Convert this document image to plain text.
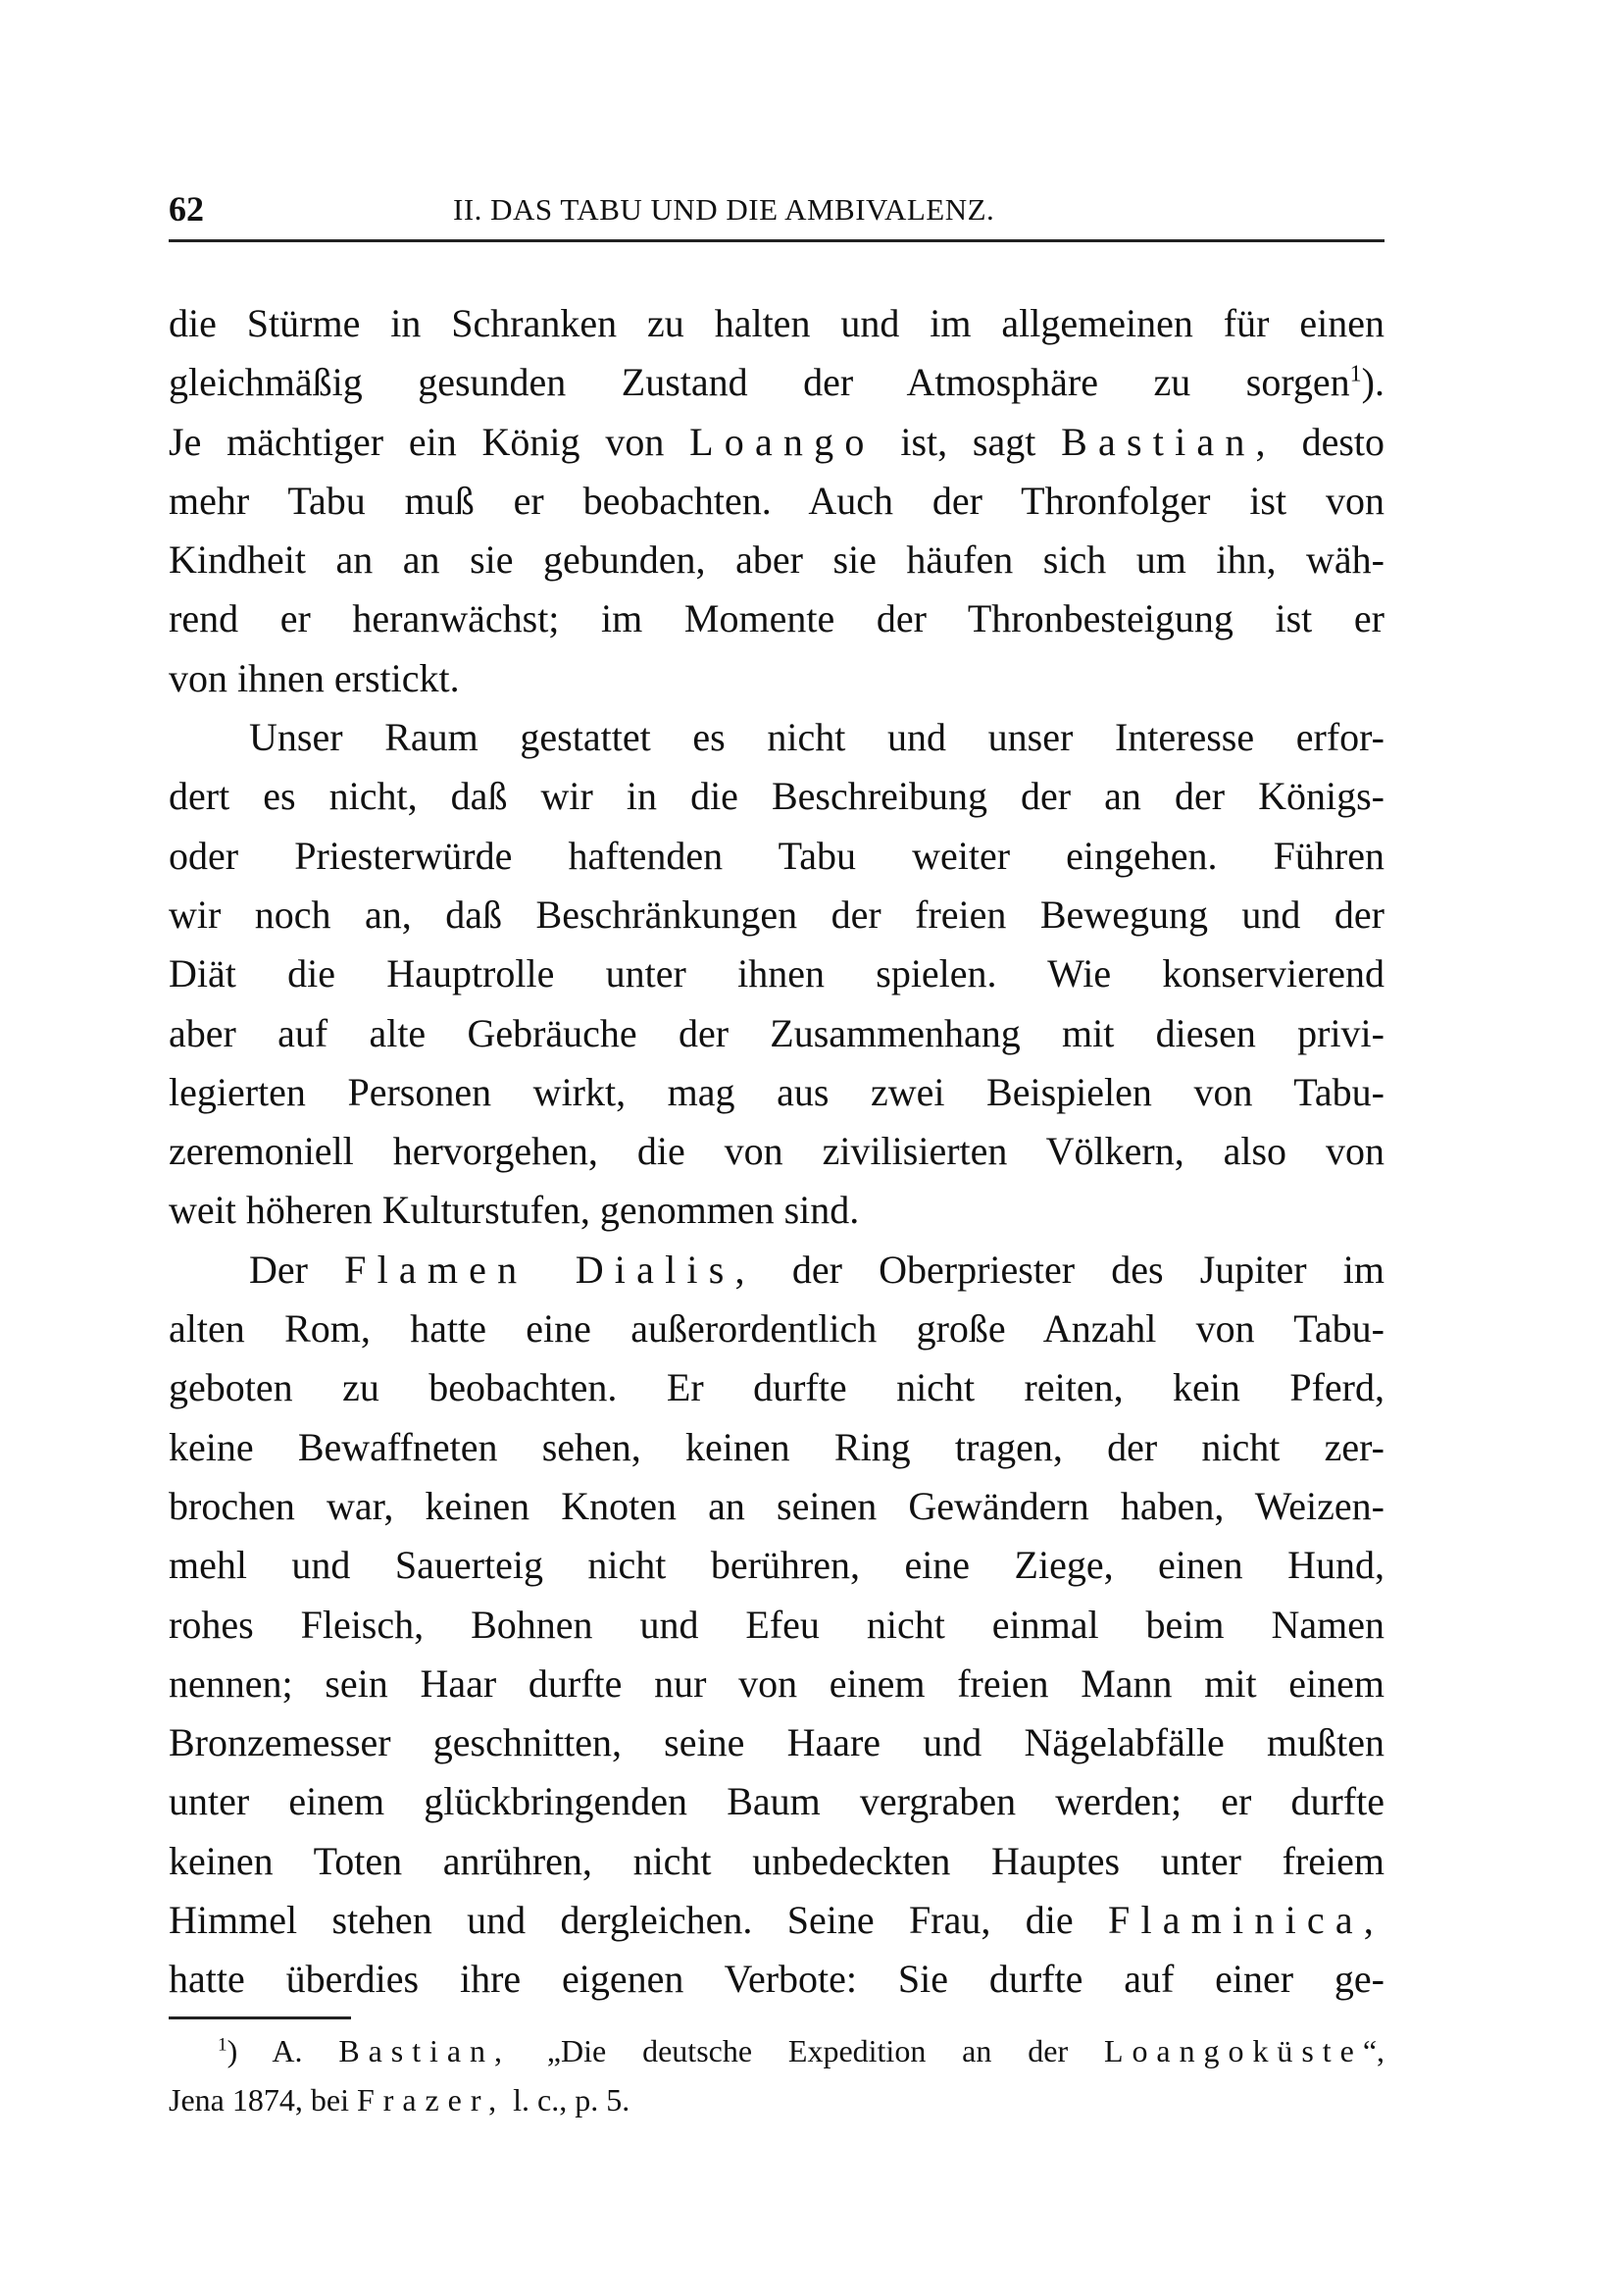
62	II. DAS TABU UND DIE AMBIVALENZ.
die Stürme in Schranken zu halten und im allgemeinen für einen
gleichmäßig gesunden Zustand der Atmosphäre zu sorgen$^1$).
Je mächtiger ein König von Loango ist, sagt Bastian, desto
mehr Tabu muß er beobachten. Auch der Thronfolger ist von
Kindheit an an sie gebunden, aber sie häufen sich um ihn, wäh-
rend er heranwächst; im Momente der Thronbesteigung ist er
von ihnen erstickt.
Unser Raum gestattet es nicht und unser Interesse erfor-
dert es nicht, daß wir in die Beschreibung der an der Königs-
oder Priesterwürde haftenden Tabu weiter eingehen. Führen
wir noch an, daß Beschränkungen der freien Bewegung und der
Diät die Hauptrolle unter ihnen spielen. Wie konservierend
aber auf alte Gebräuche der Zusammenhang mit diesen privi-
legierten Personen wirkt, mag aus zwei Beispielen von Tabu-
zeremoniell hervorgehen, die von zivilisierten Völkern, also von
weit höheren Kulturstufen, genommen sind.
Der Flamen Dialis, der Oberpriester des Jupiter im
alten Rom, hatte eine außerordentlich große Anzahl von Tabu-
geboten zu beobachten. Er durfte nicht reiten, kein Pferd,
keine Bewaffneten sehen, keinen Ring tragen, der nicht zer-
brochen war, keinen Knoten an seinen Gewändern haben, Weizen-
mehl und Sauerteig nicht berühren, eine Ziege, einen Hund,
rohes Fleisch, Bohnen und Efeu nicht einmal beim Namen
nennen; sein Haar durfte nur von einem freien Mann mit einem
Bronzemesser geschnitten, seine Haare und Nägelabfälle mußten
unter einem glückbringenden Baum vergraben werden; er durfte
keinen Toten anrühren, nicht unbedeckten Hauptes unter freiem
Himmel stehen und dergleichen. Seine Frau, die Flaminica,
hatte überdies ihre eigenen Verbote: Sie durfte auf einer ge-
$^1$) A. Bastian, „Die deutsche Expedition an der Loangoküste“,
Jena 1874, bei Frazer, l. c., p. 5.
